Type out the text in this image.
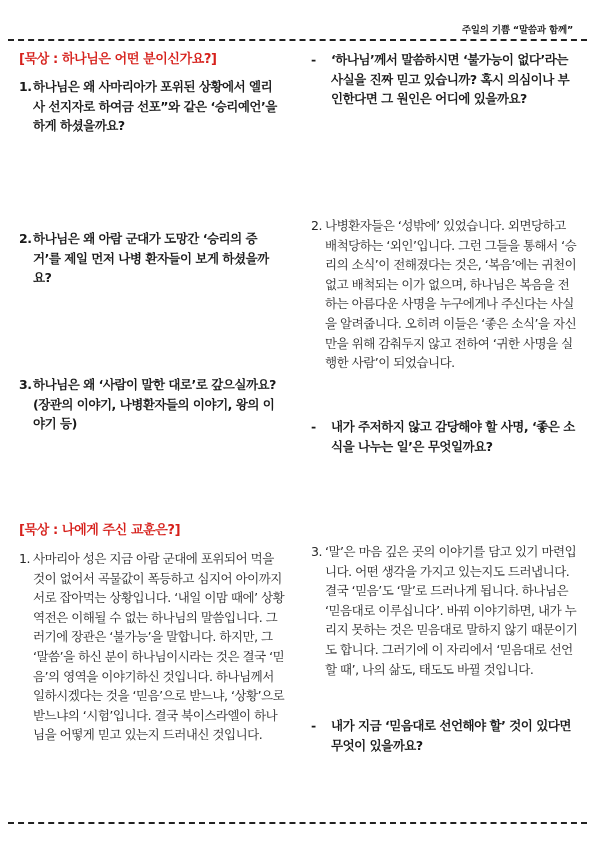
주일의 기쁨 “말씀과 함께”
[묵상 : 하나님은 어떤 분이신가요?]
1. 하나님은 왜 사마리아가 포위된 상황에서 엘리사 선지자로 하여금 선포”와 같은 ‘승리예언’을 하게 하셨을까요?
2. 하나님은 왜 아람 군대가 도망간 ‘승리의 증거’를 제일 먼저 나병 환자들이 보게 하셨을까요?
3. 하나님은 왜 ‘사람이 말한 대로’로 갚으실까요? (장관의 이야기, 나병환자들의 이야기, 왕의 이야기 등)
- ‘하나님’께서 말씀하시면 ‘불가능이 없다’라는 사실을 진짜 믿고 있습니까? 혹시 의심이나 부인한다면 그 원인은 어디에 있을까요?
2. 나병환자들은 ‘성밖에’ 있었습니다. 외면당하고 배척당하는 ‘외인’입니다. 그런 그들을 통해서 ‘승리의 소식’이 전해졌다는 것은, ‘복음’에는 귀천이 없고 배척되는 이가 없으며, 하나님은 복음을 전하는 아름다운 사명을 누구에게나 주신다는 사실을 알려줍니다. 오히려 이들은 ‘좋은 소식’을 자신만을 위해 감춰두지 않고 전하여 ‘귀한 사명을 실행한 사람’이 되었습니다.
- 내가 주저하지 않고 감당해야 할 사명, ‘좋은 소식을 나누는 일’은 무엇일까요?
[묵상 : 나에게 주신 교훈은?]
1. 사마리아 성은 지금 아람 군대에 포위되어 먹을 것이 없어서 곡물값이 폭등하고 심지어 아이까지 서로 잡아먹는 상황입니다. ‘내일 이맘 때에’ 상황 역전은 이해될 수 없는 하나님의 말씀입니다. 그러기에 장관은 ‘불가능’을 말합니다. 하지만, 그 ‘말씀’을 하신 분이 하나님이시라는 것은 결국 ‘믿음’의 영역을 이야기하신 것입니다. 하나님께서 일하시겠다는 것을 ‘믿음’으로 받느냐, ‘상황’으로 받느냐의 ‘시험’입니다. 결국 북이스라엘이 하나님을 어떻게 믿고 있는지 드러내신 것입니다.
3. ‘말’은 마음 깊은 곳의 이야기를 담고 있기 마련입니다. 어떤 생각을 가지고 있는지도 드러냅니다. 결국 ‘믿음’도 ‘말’로 드러나게 됩니다. 하나님은 ‘믿음대로 이루십니다’. 바꿔 이야기하면, 내가 누리지 못하는 것은 믿음대로 말하지 않기 때문이기도 합니다. 그러기에 이 자리에서 ‘믿음대로 선언할 때’, 나의 삶도, 태도도 바뀔 것입니다.
- 내가 지금 ‘믿음대로 선언해야 할’ 것이 있다면 무엇이 있을까요?
